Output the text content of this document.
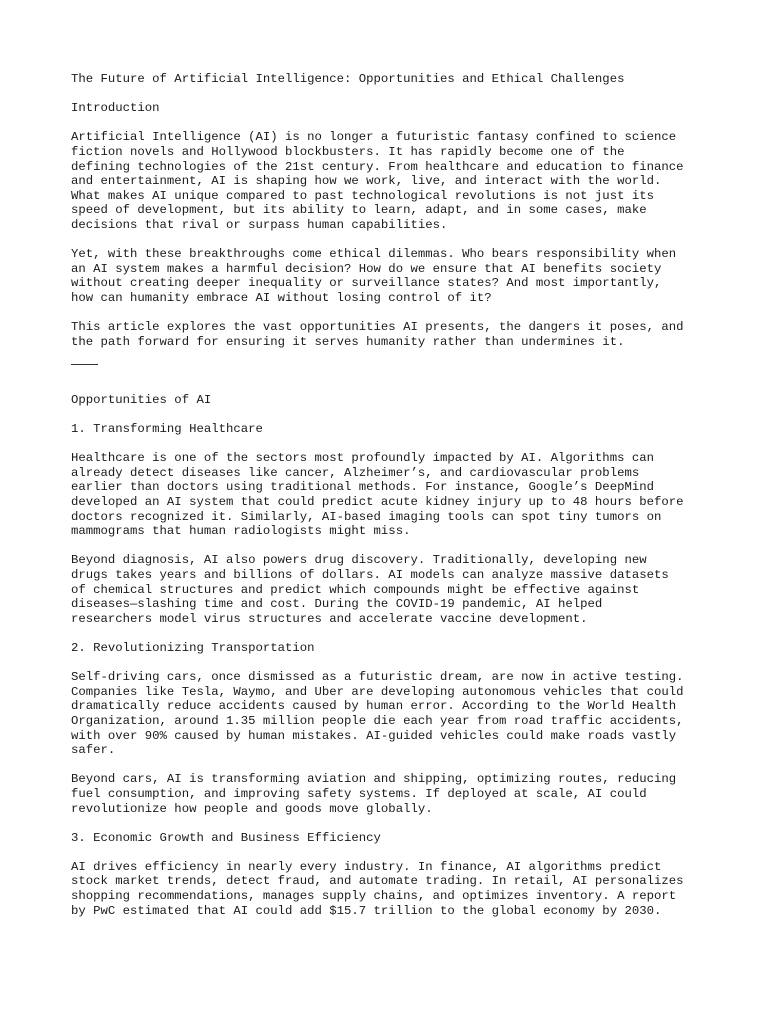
The Future of Artificial Intelligence: Opportunities and Ethical Challenges
Introduction
Artificial Intelligence (AI) is no longer a futuristic fantasy confined to science
fiction novels and Hollywood blockbusters. It has rapidly become one of the
defining technologies of the 21st century. From healthcare and education to finance
and entertainment, AI is shaping how we work, live, and interact with the world.
What makes AI unique compared to past technological revolutions is not just its
speed of development, but its ability to learn, adapt, and in some cases, make
decisions that rival or surpass human capabilities.
Yet, with these breakthroughs come ethical dilemmas. Who bears responsibility when
an AI system makes a harmful decision? How do we ensure that AI benefits society
without creating deeper inequality or surveillance states? And most importantly,
how can humanity embrace AI without losing control of it?
This article explores the vast opportunities AI presents, the dangers it poses, and
the path forward for ensuring it serves humanity rather than undermines it.
Opportunities of AI
1. Transforming Healthcare
Healthcare is one of the sectors most profoundly impacted by AI. Algorithms can
already detect diseases like cancer, Alzheimer’s, and cardiovascular problems
earlier than doctors using traditional methods. For instance, Google’s DeepMind
developed an AI system that could predict acute kidney injury up to 48 hours before
doctors recognized it. Similarly, AI-based imaging tools can spot tiny tumors on
mammograms that human radiologists might miss.
Beyond diagnosis, AI also powers drug discovery. Traditionally, developing new
drugs takes years and billions of dollars. AI models can analyze massive datasets
of chemical structures and predict which compounds might be effective against
diseases—slashing time and cost. During the COVID-19 pandemic, AI helped
researchers model virus structures and accelerate vaccine development.
2. Revolutionizing Transportation
Self-driving cars, once dismissed as a futuristic dream, are now in active testing.
Companies like Tesla, Waymo, and Uber are developing autonomous vehicles that could
dramatically reduce accidents caused by human error. According to the World Health
Organization, around 1.35 million people die each year from road traffic accidents,
with over 90% caused by human mistakes. AI-guided vehicles could make roads vastly
safer.
Beyond cars, AI is transforming aviation and shipping, optimizing routes, reducing
fuel consumption, and improving safety systems. If deployed at scale, AI could
revolutionize how people and goods move globally.
3. Economic Growth and Business Efficiency
AI drives efficiency in nearly every industry. In finance, AI algorithms predict
stock market trends, detect fraud, and automate trading. In retail, AI personalizes
shopping recommendations, manages supply chains, and optimizes inventory. A report
by PwC estimated that AI could add $15.7 trillion to the global economy by 2030.
